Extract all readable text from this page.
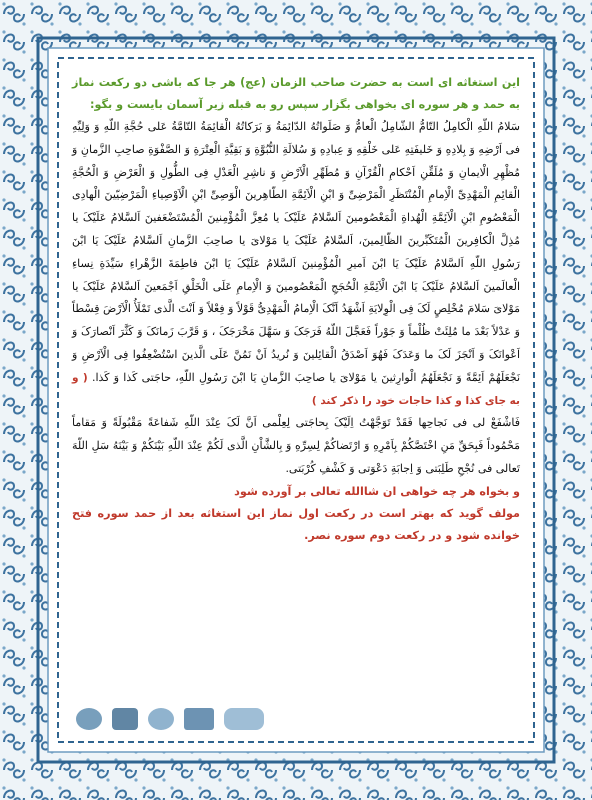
این استغاثه ای است به حضرت صاحب الزمان (عج) هر جا که باشی دو رکعت نماز به حمد و هر سوره ای بخواهی بگزار سپس رو به قبله زیر آسمان بایست و بگو:

سَلامُ اللّهِ الْکامِلُ التّامُّ الشّامِلُ الْعامُّ وَ صَلَواتُهُ الدّائِمَةُ وَ بَرَکاتُهُ الْقائِمَةُ التّامَّةُ عَلی حُجَّةِ اللّهِ وَ وَلِیِّهِ فی اَرْضِهِ وَ بِلادِهِ وَ خَلیفَتِهِ عَلی خَلْقِهِ وَ عِبادِهِ وَ سُلالَةِ النُّبُوَّةِ وَ بَقِیَّةِ الْعِتْرَةِ وَ الصَّفْوَةِ صاحِبِ الزَّمانِ وَ مُظْهِرِ الْایمانِ وَ مُلَقِّنِ اَحْکامِ الْقُرْآنِ وَ مُطَهِّرِ الْاَرْضِ وَ ناشِرِ الْعَدْلِ فِی الطُّولِ وَ الْعَرْضِ وَ الْحُجَّةِ الْقائِمِ الْمَهْدِیِّ الْاِمامِ الْمُنْتَظَرِ الْمَرْضِیِّ وَ ابْنِ الْاَئِمَّةِ الطّاهِرینَ الْوَصِیِّ ابْنِ الْاَوْصِیاءِ الْمَرْضِیّینَ الْهادِی الْمَعْصُومِ ابْنِ الْاَئِمَّةِ الْهُداةِ الْمَعْصُومینَ اَلسَّلامُ عَلَیْکَ یا مُعِزَّ الْمُؤْمِنینَ الْمُسْتَضْعَفینَ اَلسَّلامُ عَلَیْکَ یا مُذِلَّ الْکافِرینَ الْمُتَکَبِّرینَ الظّالِمینَ، اَلسَّلامُ عَلَیْکَ یا مَوْلایَ یا صاحِبَ الزَّمانِ اَلسَّلامُ عَلَیْکَ یَا ابْنَ رَسُولِ اللّهِ اَلسَّلامُ عَلَیْکَ یَا ابْنَ اَمیرِ الْمُؤْمِنینَ اَلسَّلامُ عَلَیْکَ یَا ابْنَ فاطِمَةَ الزَّهْراءِ سَیِّدَةِ نِساءِ الْعالَمینَ اَلسَّلامُ عَلَیْکَ یَا ابْنَ الْاَئِمَّةِ الْحُجَجِ الْمَعْصُومینَ وَ الْاِمامِ عَلَی الْخَلْقِ اَجْمَعینَ اَلسَّلامُ عَلَیْکَ یا مَوْلایَ سَلامَ مُخْلِصٍ لَکَ فِی الْوِلایَةِ اَشْهَدُ اَنَّکَ الْاِمامُ الْمَهْدِیُّ قَوْلاً وَ فِعْلاً وَ اَنْتَ الَّذی تَمْلَأُ الْاَرْضَ قِسْطاً وَ عَدْلاً بَعْدَ ما مُلِئَتْ ظُلْماً وَ جَوْراً فَعَجَّلَ اللّهُ فَرَجَکَ وَ سَهَّلَ مَخْرَجَکَ ، وَ قَرَّبَ زَمانَکَ وَ کَثَّرَ اَنْصارَکَ وَ اَعْوانَکَ وَ اَنْجَزَ لَکَ ما وَعَدَکَ فَهُوَ اَصْدَقُ الْقائِلینَ وَ نُریدُ اَنْ نَمُنَّ عَلَی الَّذینَ اسْتُضْعِفُوا فِی الْاَرْضِ وَ نَجْعَلَهُمْ اَئِمَّةً وَ نَجْعَلَهُمُ الْوارِثینَ یا مَوْلایَ یا صاحِبَ الزَّمانِ یَا ابْنَ رَسُولِ اللّهِ، حاجَتی کَذا وَ کَذا. ( و به جای کذا و کذا حاجات خود را ذکر کند )

فَاشْفَعْ لی فی نَجاحِها فَقَدْ تَوَجَّهْتُ اِلَیْکَ بِحاجَتی لِعِلْمی اَنَّ لَکَ عِنْدَ اللّهِ شَفاعَةً مَقْبُولَةً وَ مَقاماً مَحْمُوداً فَبِحَقِّ مَنِ اخْتَصَّکُمْ بِاَمْرِهِ وَ ارْتَضاکُمْ لِسِرِّهِ وَ بِالشَّاْنِ الَّذی لَکُمْ عِنْدَ اللّهِ بَیْنَکُمْ وَ بَیْنَهُ سَلِ اللّهَ تَعالی فی نُجْحِ طَلِبَتی وَ اِجابَةِ دَعْوَتی وَ کَشْفِ کُرْبَتی.

و بخواه هر چه خواهی ان شاالله تعالی بر آورده شود

مولف گوید که بهتر است در رکعت اول نماز این استغاثه بعد از حمد سوره فتح خوانده شود و در رکعت دوم سوره نصر.
